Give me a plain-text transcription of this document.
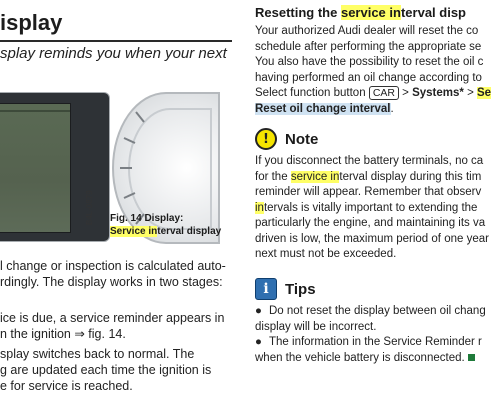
isplay
splay reminds you when your next
B4L-0879	Fig. 14 Display:
Service interval display
l change or inspection is calculated auto-
rdingly. The display works in two stages:
ice is due, a service reminder appears in
n the ignition ⇒ fig. 14.
splay switches back to normal. The
g are updated each time the ignition is
e for service is reached.
Resetting the service interval disp
Your authorized Audi dealer will reset the co
schedule after performing the appropriate se
You also have the possibility to reset the oil c
having performed an oil change according to
Select function button CAR > Systems* > Se
Reset oil change interval.
!	Note
If you disconnect the battery terminals, no ca
for the service interval display during this tim
reminder will appear. Remember that observ
intervals is vitally important to extending the
particularly the engine, and maintaining its va
driven is low, the maximum period of one year
next must not be exceeded.
i	Tips
● Do not reset the display between oil chang
display will be incorrect.
● The information in the Service Reminder r
when the vehicle battery is disconnected.
